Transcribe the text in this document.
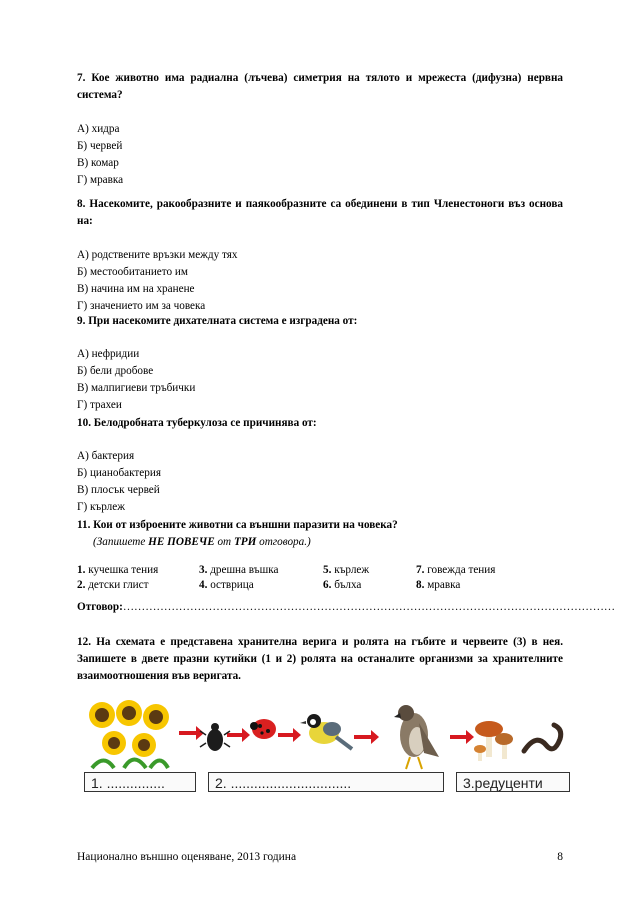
7. Кое животно има радиална (лъчева) симетрия на тялото и мрежеста (дифузна) нервна система?
А) хидра
Б) червей
В) комар
Г) мравка
8. Насекомите, ракообразните и паякообразните са обединени в тип Членестоноги въз основа на:
А) родствените връзки между тях
Б) местообитанието им
В) начина им на хранене
Г) значението им за човека
9. При насекомите дихателната система е изградена от:
А) нефридии
Б) бели дробове
В) малпигиеви тръбички
Г) трахеи
10. Белодробната туберкулоза се причинява от:
А) бактерия
Б) цианобактерия
В) плосък червей
Г) кърлеж
11. Кои от изброените животни са външни паразити на човека?
(Запишете НЕ ПОВЕЧЕ от ТРИ отговора.)
1. кучешка тения	3. дрешна въшка	5. кърлеж	7. говежда тения
2. детски глист	4. остврица	6. бълха	8. мравка
Отговор:……………………………………………………………………………………………………………………
12. На схемата е представена хранителна верига и ролята на гъбите и червеите (3) в нея. Запишете в двете празни кутийки (1 и 2) ролята на останалите организми за хранителните взаимоотношения във веригата.
1. ...............	2. ...............................	3.редуценти
Национално външно оценяване, 2013 година	8
